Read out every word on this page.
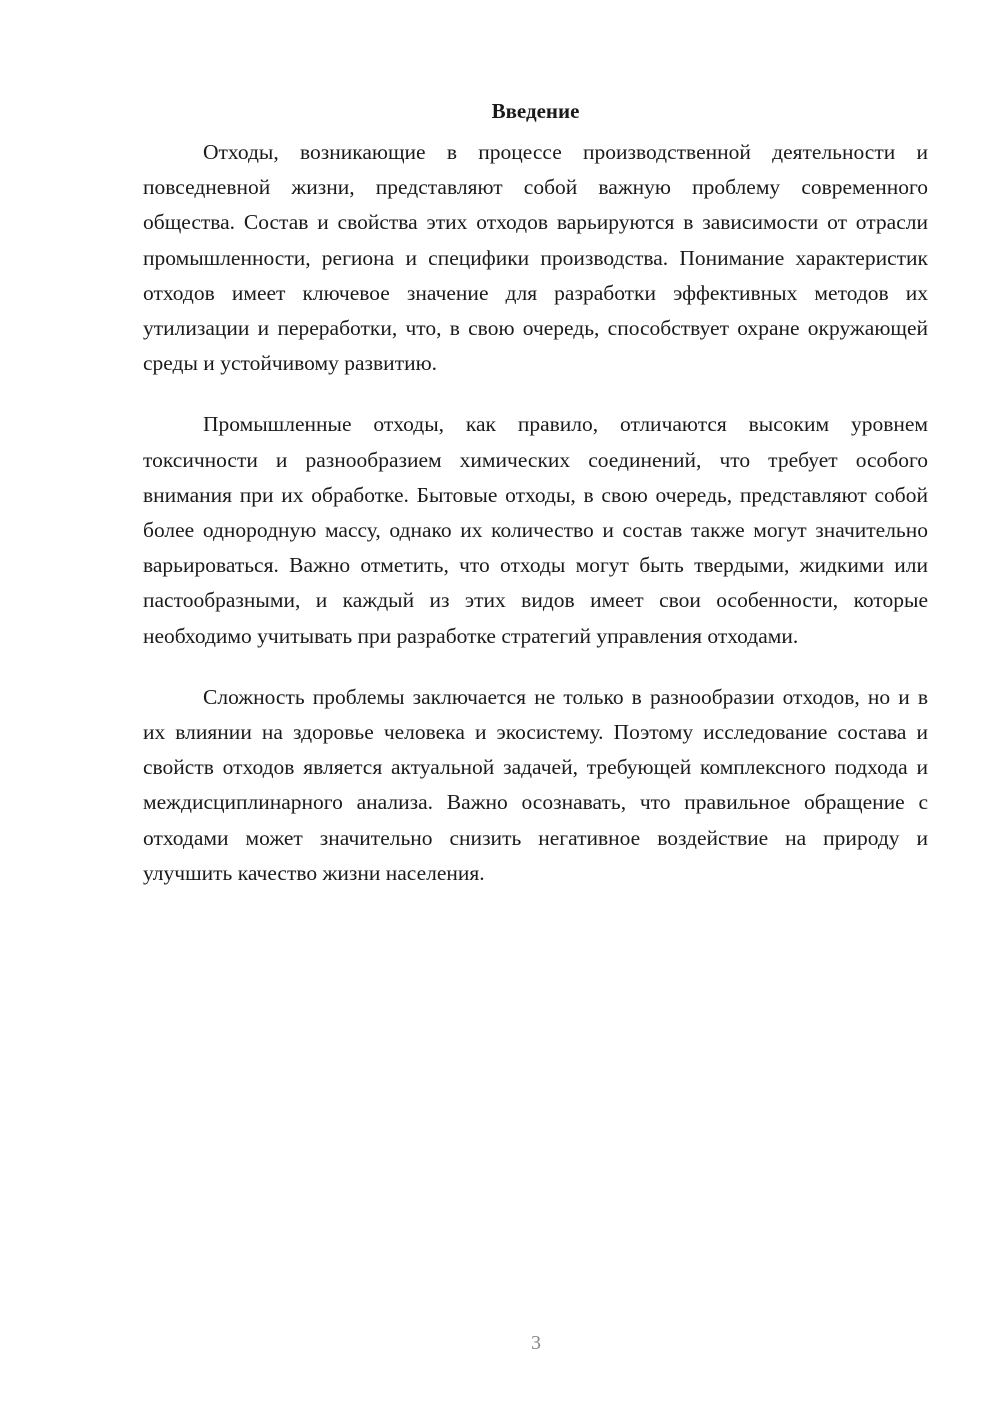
Введение

Отходы, возникающие в процессе производственной деятельности и повседневной жизни, представляют собой важную проблему современного общества. Состав и свойства этих отходов варьируются в зависимости от отрасли промышленности, региона и специфики производства. Понимание характеристик отходов имеет ключевое значение для разработки эффективных методов их утилизации и переработки, что, в свою очередь, способствует охране окружающей среды и устойчивому развитию.

Промышленные отходы, как правило, отличаются высоким уровнем токсичности и разнообразием химических соединений, что требует особого внимания при их обработке. Бытовые отходы, в свою очередь, представляют собой более однородную массу, однако их количество и состав также могут значительно варьироваться. Важно отметить, что отходы могут быть твердыми, жидкими или пастообразными, и каждый из этих видов имеет свои особенности, которые необходимо учитывать при разработке стратегий управления отходами.

Сложность проблемы заключается не только в разнообразии отходов, но и в их влиянии на здоровье человека и экосистему. Поэтому исследование состава и свойств отходов является актуальной задачей, требующей комплексного подхода и междисциплинарного анализа. Важно осознавать, что правильное обращение с отходами может значительно снизить негативное воздействие на природу и улучшить качество жизни населения.

3
